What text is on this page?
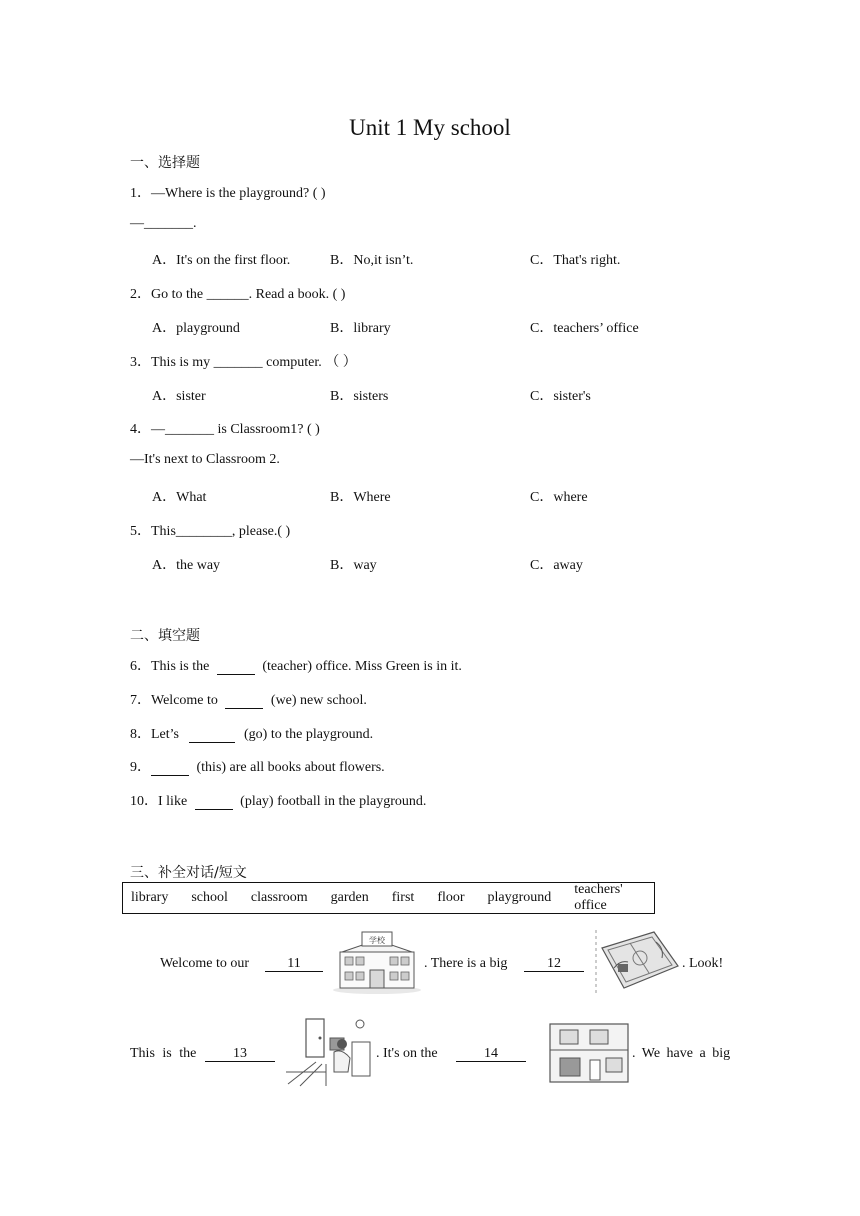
Unit 1 My school
一、选择题
1．—Where is the playground? ( )
—_______.
A．It's on the first floor.	B．No,it isn’t.	C．That's right.
2．Go to the ______. Read a book. ( )
A．playground	B．library	C．teachers’ office
3．This is my _______ computer. （ ）
A．sister	B．sisters	C．sister's
4．—_______ is Classroom1? ( )
—It's next to Classroom 2.
A．What	B．Where	C．where
5．This________, please.( )
A．the way	B．way	C．away
二、填空题
6．This is the	(teacher) office. Miss Green is in it.
7．Welcome to	(we) new school.
8．Let’s	(go) to the playground.
9．	(this) are all books about flowers.
10．I like	(play) football in the playground.
三、补全对话/短文
library school classroom garden first floor playground
teachers' office
Welcome to our	11
学校
. There is a big	12	. Look!
This is the	13	. It's on the	14	. We have a big
